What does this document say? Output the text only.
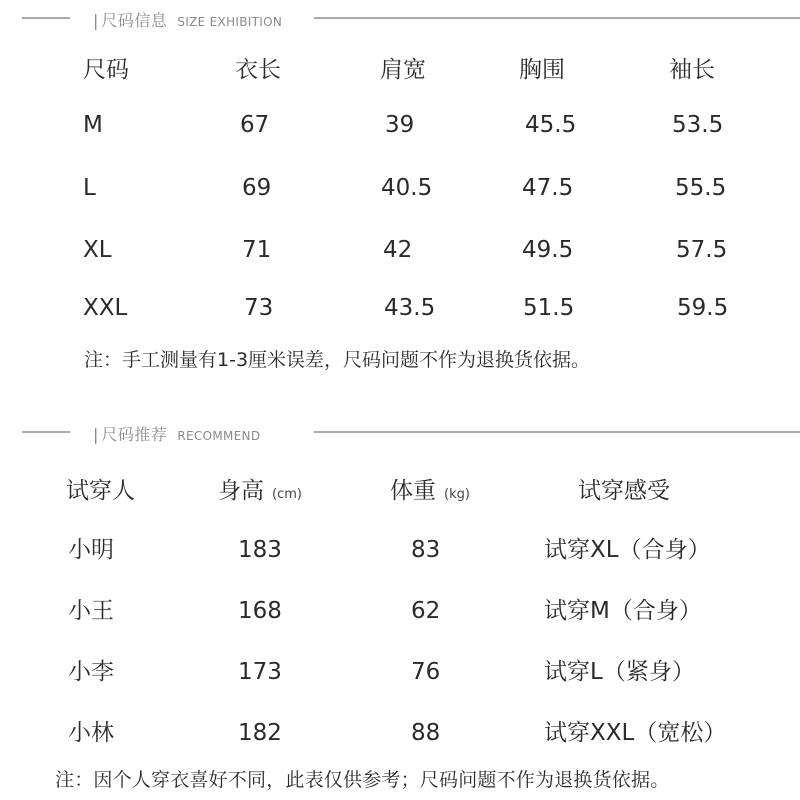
| 尺码信息 SIZE EXHIBITION
尺码	衣长	肩宽	胸围	袖长
M	67	39	45.5	53.5
L	69	40.5	47.5	55.5
XL	71	42	49.5	57.5
XXL	73	43.5	51.5	59.5
注：手工测量有1-3厘米误差，尺码问题不作为退换货依据。
| 尺码推荐 RECOMMEND
试穿人	身高 (cm)	体重 (kg)	试穿感受
小明	183	83	试穿XL（合身）
小王	168	62	试穿M（合身）
小李	173	76	试穿L（紧身）
小林	182	88	试穿XXL（宽松）
注：因个人穿衣喜好不同，此表仅供参考；尺码问题不作为退换货依据。
